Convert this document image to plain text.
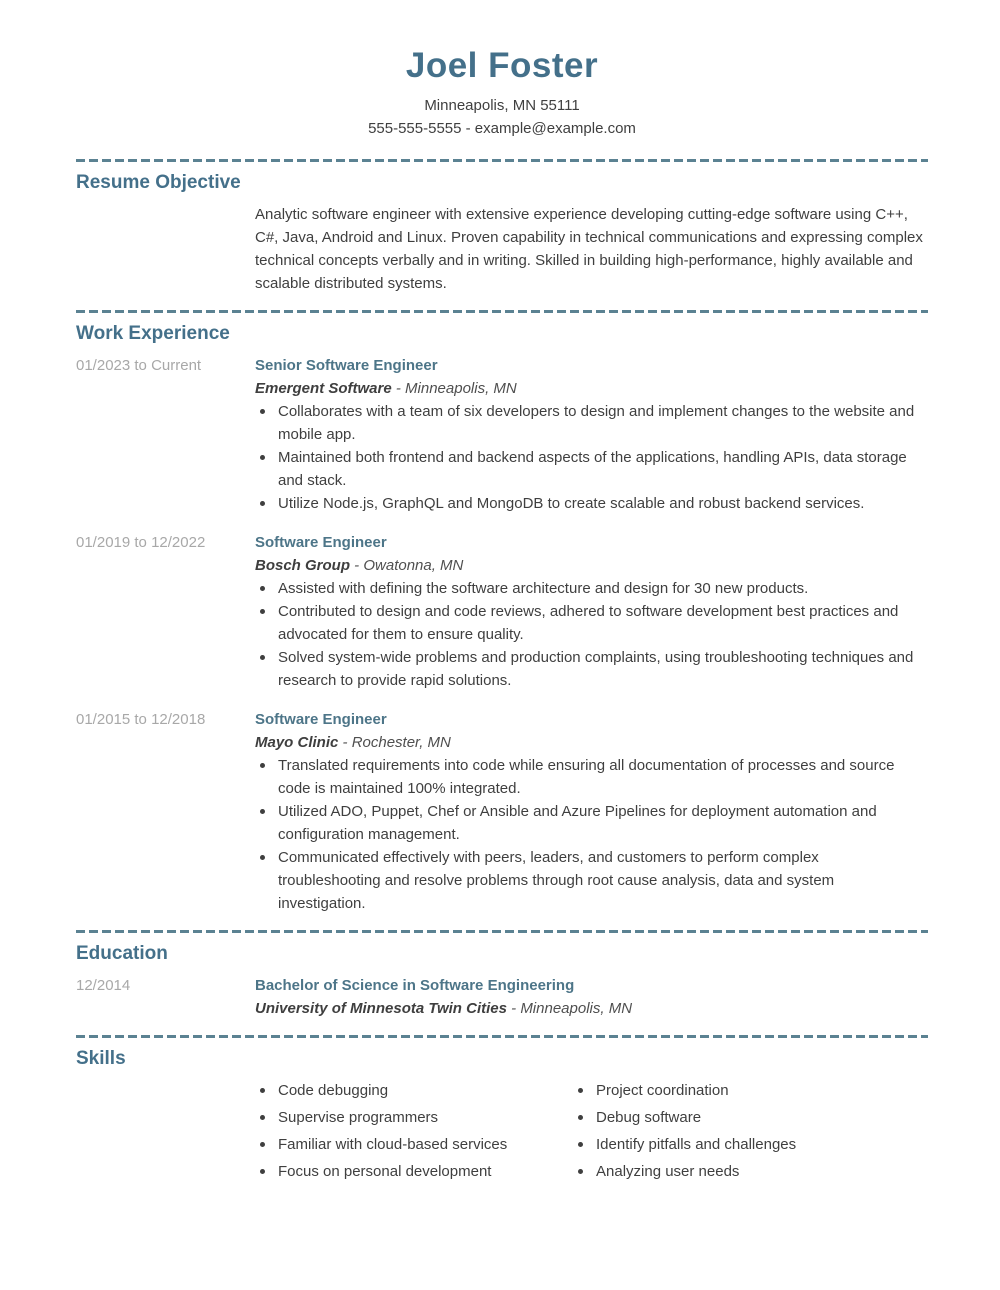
Joel Foster
Minneapolis, MN 55111
555-555-5555 - example@example.com
Resume Objective

Analytic software engineer with extensive experience developing cutting-edge software using C++, C#, Java, Android and Linux. Proven capability in technical communications and expressing complex technical concepts verbally and in writing. Skilled in building high-performance, highly available and scalable distributed systems.

Work Experience
01/2023 to Current	Senior Software Engineer
Emergent Software - Minneapolis, MN
Collaborates with a team of six developers to design and implement changes to the website and mobile app.
Maintained both frontend and backend aspects of the applications, handling APIs, data storage and stack.
Utilize Node.js, GraphQL and MongoDB to create scalable and robust backend services.
01/2019 to 12/2022	Software Engineer
Bosch Group - Owatonna, MN
Assisted with defining the software architecture and design for 30 new products.
Contributed to design and code reviews, adhered to software development best practices and advocated for them to ensure quality.
Solved system-wide problems and production complaints, using troubleshooting techniques and research to provide rapid solutions.
01/2015 to 12/2018	Software Engineer
Mayo Clinic - Rochester, MN
Translated requirements into code while ensuring all documentation of processes and source code is maintained 100% integrated.
Utilized ADO, Puppet, Chef or Ansible and Azure Pipelines for deployment automation and configuration management.
Communicated effectively with peers, leaders, and customers to perform complex troubleshooting and resolve problems through root cause analysis, data and system investigation.
Education
12/2014	Bachelor of Science in Software Engineering
University of Minnesota Twin Cities - Minneapolis, MN
Skills
Code debugging
Supervise programmers
Familiar with cloud-based services
Focus on personal development
Project coordination
Debug software
Identify pitfalls and challenges
Analyzing user needs
